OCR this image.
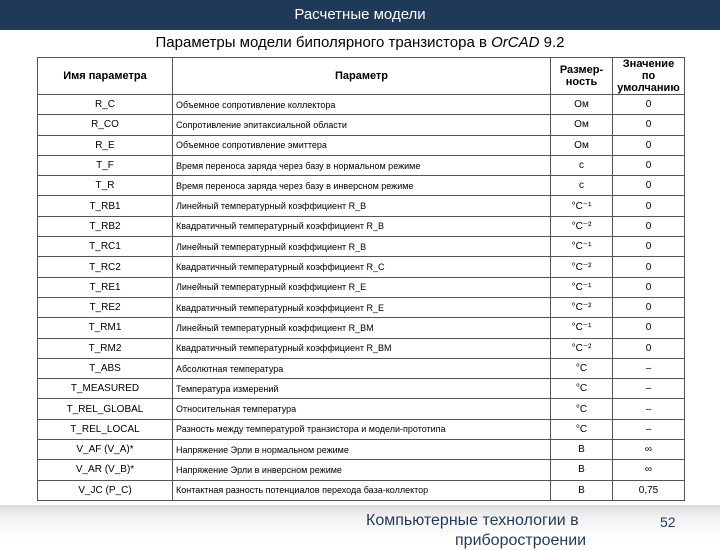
Расчетные модели
Параметры модели биполярного транзистора в OrCAD 9.2
Имя параметра	Параметр	Размер-ность	Значение по умолчанию
R_C	Объемное сопротивление коллектора	Ом	0
R_CO	Сопротивление эпитаксиальной области	Ом	0
R_E	Объемное сопротивление эмиттера	Ом	0
T_F	Время переноса заряда через базу в нормальном режиме	с	0
T_R	Время переноса заряда через базу в инверсном режиме	с	0
T_RB1	Линейный температурный коэффициент R_B	°C⁻¹	0
T_RB2	Квадратичный температурный коэффициент R_B	°C⁻²	0
T_RC1	Линейный температурный коэффициент R_B	°C⁻¹	0
T_RC2	Квадратичный температурный коэффициент R_C	°C⁻²	0
T_RE1	Линейный температурный коэффициент R_E	°C⁻¹	0
T_RE2	Квадратичный температурный коэффициент R_E	°C⁻²	0
T_RM1	Линейный температурный коэффициент R_BM	°C⁻¹	0
T_RM2	Квадратичный температурный коэффициент R_BM	°C⁻²	0
T_ABS	Абсолютная температура	°C	–
T_MEASURED	Температура измерений	°C	–
T_REL_GLOBAL	Относительная температура	°C	–
T_REL_LOCAL	Разность между температурой транзистора и модели-прототипа	°C	–
V_AF (V_A)*	Напряжение Эрли в нормальном режиме	В	∞
V_AR (V_B)*	Напряжение Эрли в инверсном режиме	В	∞
V_JC (P_C)	Контактная разность потенциалов перехода база-коллектор	В	0,75
Компьютерные технологии в
приборостроении
52
